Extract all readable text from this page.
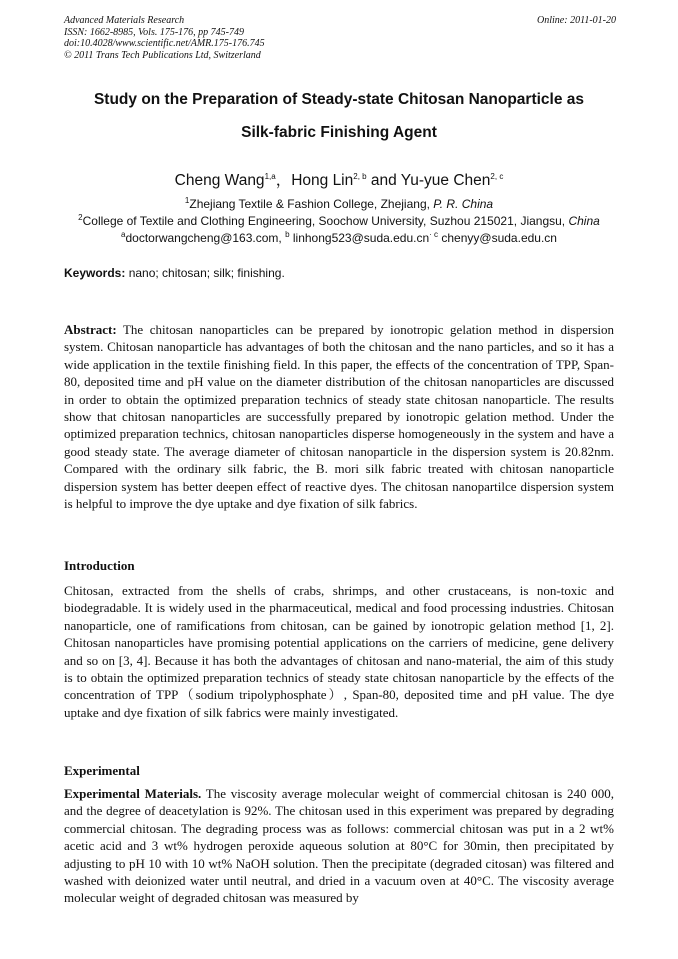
Advanced Materials Research
ISSN: 1662-8985, Vols. 175-176, pp 745-749
doi:10.4028/www.scientific.net/AMR.175-176.745
© 2011 Trans Tech Publications Ltd, Switzerland
Online: 2011-01-20
Study on the Preparation of Steady-state Chitosan Nanoparticle as
Silk-fabric Finishing Agent
Cheng Wang$^{1,a}$，Hong Lin$^{2, b}$ and Yu-yue Chen$^{2, c}$
$^1$Zhejiang Textile & Fashion College, Zhejiang, P. R. China
$^2$College of Textile and Clothing Engineering, Soochow University, Suzhou 215021, Jiangsu, China
$^a$doctorwangcheng@163.com, $^b$ $linhong523@suda.edu.cn^{\cdot c}$ chenyy@suda.edu.cn
Keywords: nano; chitosan; silk; finishing.
Abstract: The chitosan nanoparticles can be prepared by ionotropic gelation method in dispersion system. Chitosan nanoparticle has advantages of both the chitosan and the nano particles, and so it has a wide application in the textile finishing field. In this paper, the effects of the concentration of TPP, Span-80, deposited time and pH value on the diameter distribution of the chitosan nanoparticles are discussed in order to obtain the optimized preparation technics of steady state chitosan nanoparticle. The results show that chitosan nanoparticles are successfully prepared by ionotropic gelation method. Under the optimized preparation technics, chitosan nanoparticles disperse homogeneously in the system and have a good steady state. The average diameter of chitosan nanoparticle in the dispersion system is 20.82nm. Compared with the ordinary silk fabric, the B. mori silk fabric treated with chitosan nanoparticle dispersion system has better deepen effect of reactive dyes. The chitosan nanopartilce dispersion system is helpful to improve the dye uptake and dye fixation of silk fabrics.
Introduction
Chitosan, extracted from the shells of crabs, shrimps, and other crustaceans, is non-toxic and biodegradable. It is widely used in the pharmaceutical, medical and food processing industries. Chitosan nanoparticle, one of ramifications from chitosan, can be gained by ionotropic gelation method [1, 2]. Chitosan nanoparticles have promising potential applications on the carriers of medicine, gene delivery and so on [3, 4]. Because it has both the advantages of chitosan and nano-material, the aim of this study is to obtain the optimized preparation technics of steady state chitosan nanoparticle by the effects of the concentration of TPP（sodium tripolyphosphate）, Span-80, deposited time and pH value. The dye uptake and dye fixation of silk fabrics were mainly investigated.
Experimental
Experimental Materials. The viscosity average molecular weight of commercial chitosan is 240 000, and the degree of deacetylation is 92%. The chitosan used in this experiment was prepared by degrading commercial chitosan. The degrading process was as follows: commercial chitosan was put in a 2 wt% acetic acid and 3 wt% hydrogen peroxide aqueous solution at 80°C for 30min, then precipitated by adjusting to pH 10 with 10 wt% NaOH solution. Then the precipitate (degraded citosan) was filtered and washed with deionized water until neutral, and dried in a vacuum oven at 40°C. The viscosity average molecular weight of degraded chitosan was measured by
